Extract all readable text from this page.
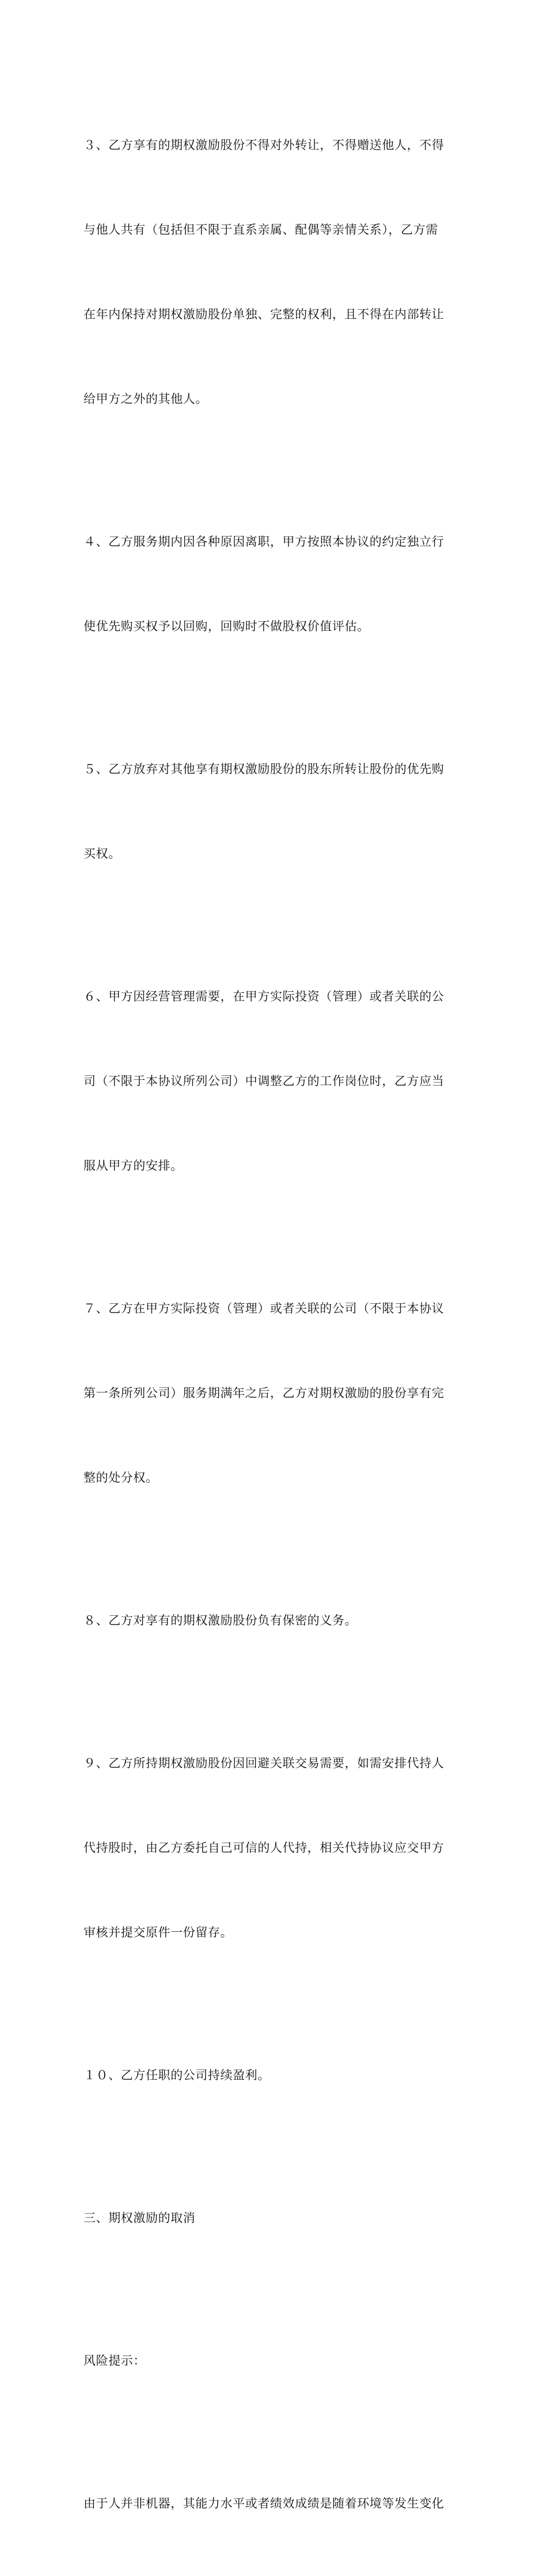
３、乙方享有的期权激励股份不得对外转让，不得赠送他人，不得

与他人共有（包括但不限于直系亲属、配偶等亲情关系），乙方需

在年内保持对期权激励股份单独、完整的权利，且不得在内部转让

给甲方之外的其他人。

４、乙方服务期内因各种原因离职，甲方按照本协议的约定独立行

使优先购买权予以回购，回购时不做股权价值评估。

５、乙方放弃对其他享有期权激励股份的股东所转让股份的优先购

买权。

６、甲方因经营管理需要，在甲方实际投资（管理）或者关联的公

司（不限于本协议所列公司）中调整乙方的工作岗位时，乙方应当

服从甲方的安排。

７、乙方在甲方实际投资（管理）或者关联的公司（不限于本协议

第一条所列公司）服务期满年之后，乙方对期权激励的股份享有完

整的处分权。

８、乙方对享有的期权激励股份负有保密的义务。

９、乙方所持期权激励股份因回避关联交易需要，如需安排代持人

代持股时，由乙方委托自己可信的人代持，相关代持协议应交甲方

审核并提交原件一份留存。

１０、乙方任职的公司持续盈利。

三、期权激励的取消

风险提示：

由于人并非机器，其能力水平或者绩效成绩是随着环境等发生变化
